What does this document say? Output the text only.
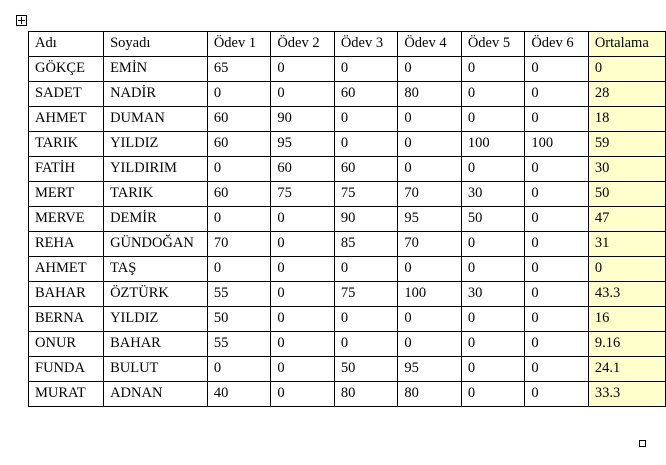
Adı	Soyadı	Ödev 1	Ödev 2	Ödev 3	Ödev 4	Ödev 5	Ödev 6	Ortalama
GÖKÇE	EMİN	65	0	0	0	0	0	0
SADET	NADİR	0	0	60	80	0	0	28
AHMET	DUMAN	60	90	0	0	0	0	18
TARIK	YILDIZ	60	95	0	0	100	100	59
FATİH	YILDIRIM	0	60	60	0	0	0	30
MERT	TARIK	60	75	75	70	30	0	50
MERVE	DEMİR	0	0	90	95	50	0	47
REHA	GÜNDOĞAN	70	0	85	70	0	0	31
AHMET	TAŞ	0	0	0	0	0	0	0
BAHAR	ÖZTÜRK	55	0	75	100	30	0	43.3
BERNA	YILDIZ	50	0	0	0	0	0	16
ONUR	BAHAR	55	0	0	0	0	0	9.16
FUNDA	BULUT	0	0	50	95	0	0	24.1
MURAT	ADNAN	40	0	80	80	0	0	33.3
